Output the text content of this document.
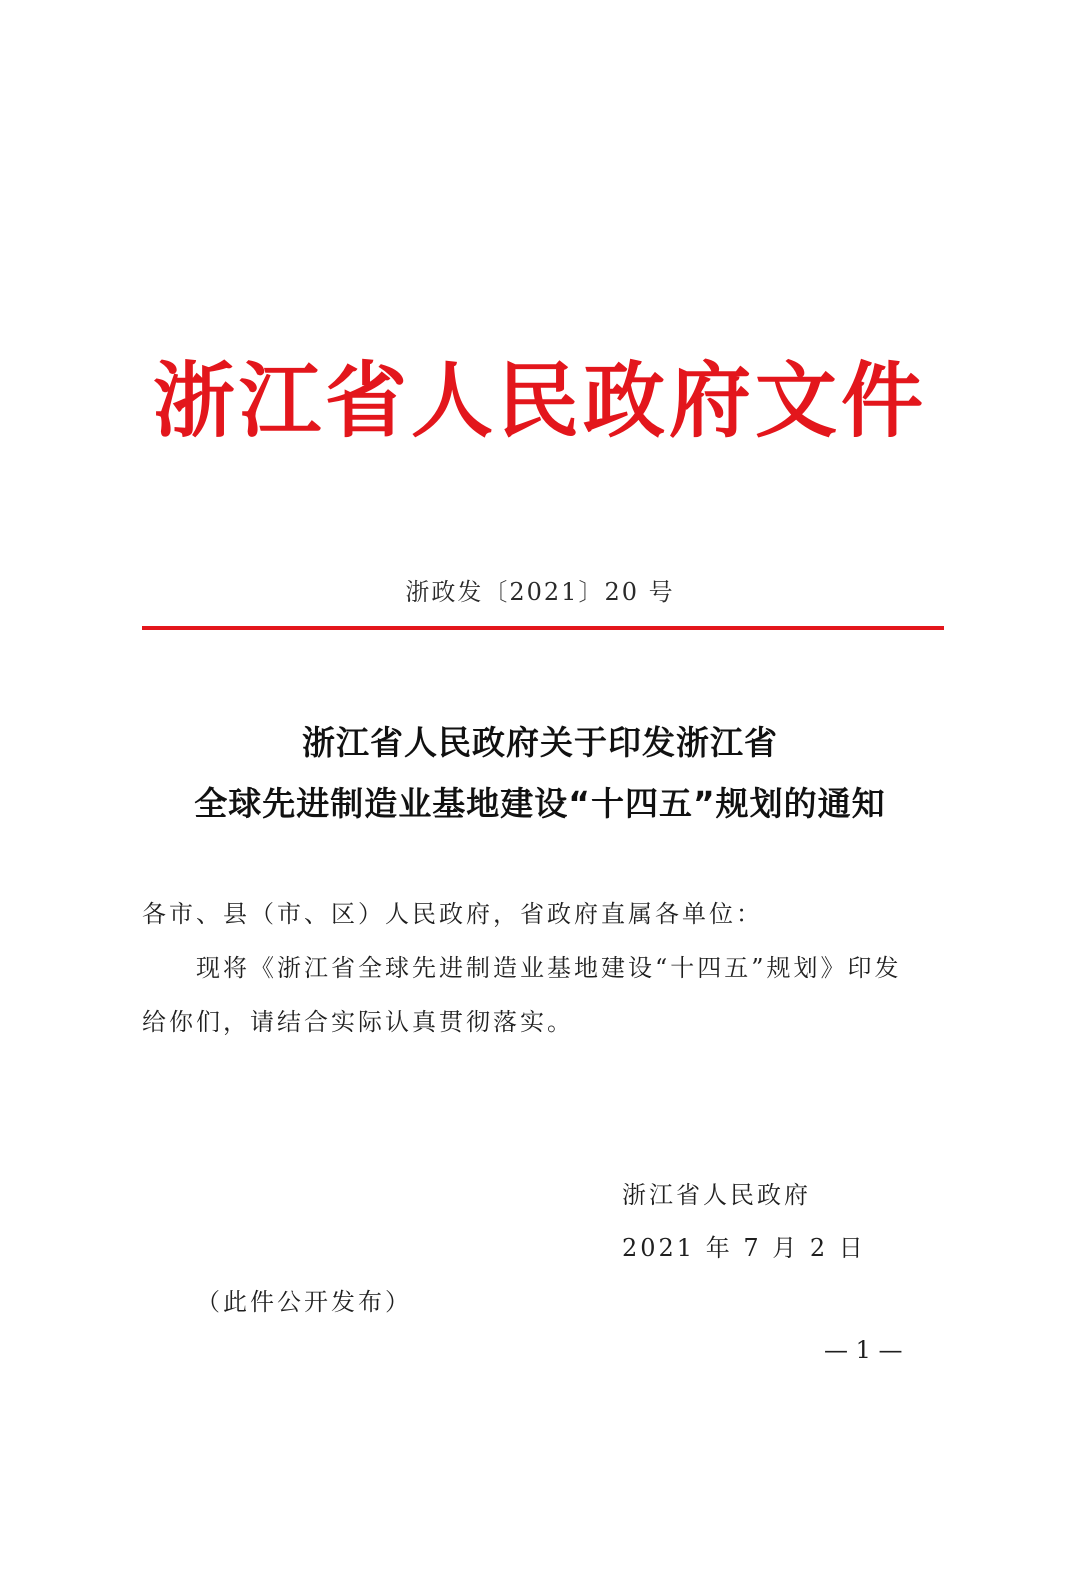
浙江省人民政府文件
浙政发〔2021〕20 号
浙江省人民政府关于印发浙江省
全球先进制造业基地建设“十四五”规划的通知
各市、县（市、区）人民政府，省政府直属各单位：
现将《浙江省全球先进制造业基地建设“十四五”规划》印发
给你们，请结合实际认真贯彻落实。
浙江省人民政府
2021 年 7 月 2 日
（此件公开发布）
— 1 —
